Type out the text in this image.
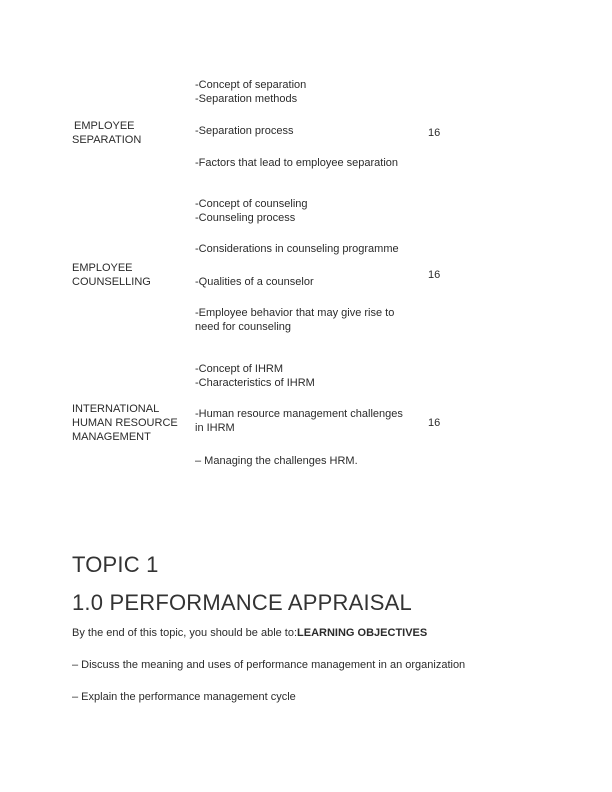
EMPLOYEE
SEPARATION
-Concept of separation
-Separation methods
-Separation process
-Factors that lead to employee separation
16
EMPLOYEE
COUNSELLING
-Concept of counseling
-Counseling process
-Considerations in counseling programme
-Qualities of a counselor
-Employee behavior that may give rise to
need for counseling
16
INTERNATIONAL
HUMAN RESOURCE
MANAGEMENT
-Concept of IHRM
-Characteristics of IHRM
-Human resource management challenges
in IHRM
– Managing the challenges HRM.
16
TOPIC 1
1.0 PERFORMANCE APPRAISAL
By the end of this topic, you should be able to:LEARNING OBJECTIVES
– Discuss the meaning and uses of performance management in an organization
– Explain the performance management cycle
